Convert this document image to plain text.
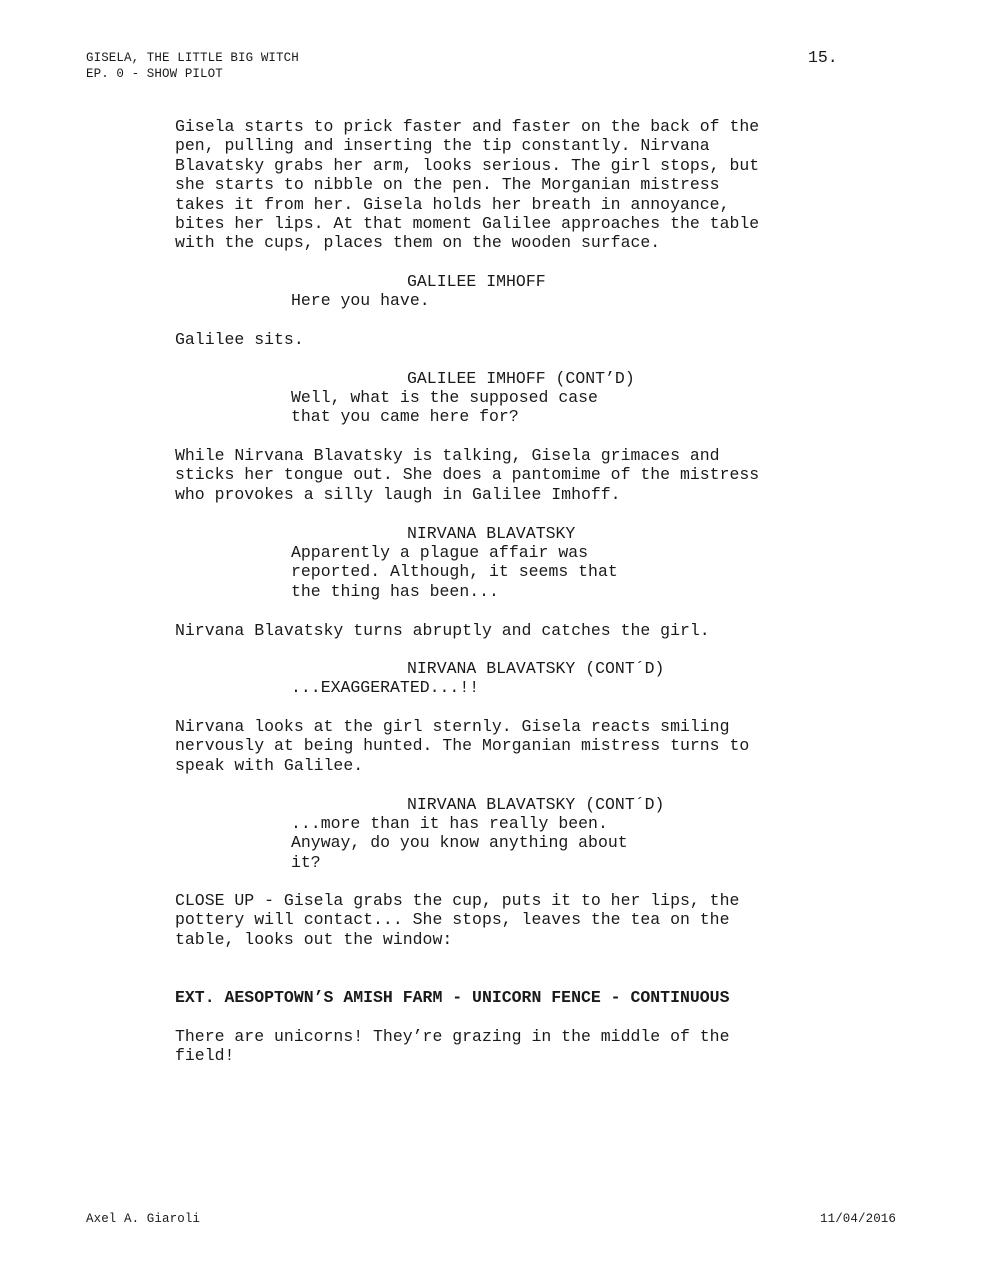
GISELA, THE LITTLE BIG WITCH
EP. 0 - SHOW PILOT
15.
Gisela starts to prick faster and faster on the back of the
pen, pulling and inserting the tip constantly. Nirvana
Blavatsky grabs her arm, looks serious. The girl stops, but
she starts to nibble on the pen. The Morganian mistress
takes it from her. Gisela holds her breath in annoyance,
bites her lips. At that moment Galilee approaches the table
with the cups, places them on the wooden surface.
GALILEE IMHOFF
Here you have.
Galilee sits.
GALILEE IMHOFF (CONT’D)
Well, what is the supposed case
that you came here for?
While Nirvana Blavatsky is talking, Gisela grimaces and
sticks her tongue out. She does a pantomime of the mistress
who provokes a silly laugh in Galilee Imhoff.
NIRVANA BLAVATSKY
Apparently a plague affair was
reported. Although, it seems that
the thing has been...
Nirvana Blavatsky turns abruptly and catches the girl.
NIRVANA BLAVATSKY (CONT´D)
...EXAGGERATED...!!
Nirvana looks at the girl sternly. Gisela reacts smiling
nervously at being hunted. The Morganian mistress turns to
speak with Galilee.
NIRVANA BLAVATSKY (CONT´D)
...more than it has really been.
Anyway, do you know anything about
it?
CLOSE UP - Gisela grabs the cup, puts it to her lips, the
pottery will contact... She stops, leaves the tea on the
table, looks out the window:
EXT. AESOPTOWN’S AMISH FARM - UNICORN FENCE - CONTINUOUS
There are unicorns! They’re grazing in the middle of the
field!
Axel A. Giaroli	11/04/2016
